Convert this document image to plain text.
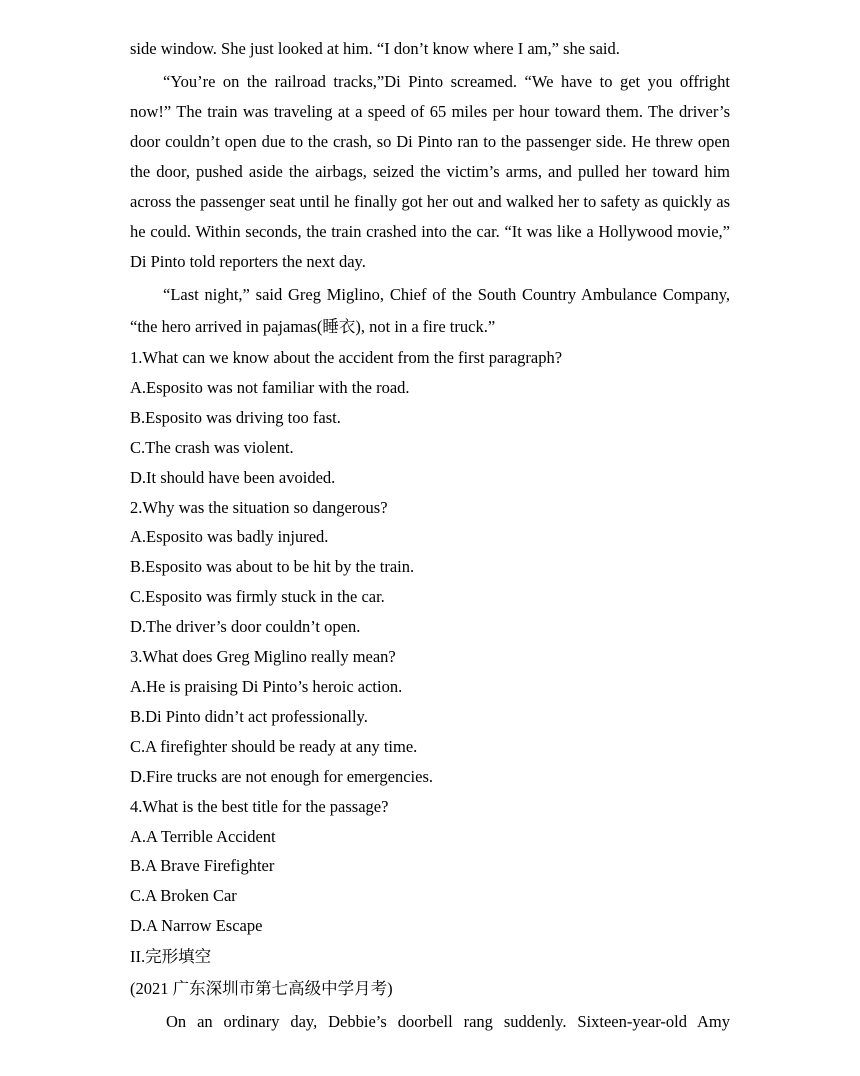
side window. She just looked at him. “I don’t know where I am,” she said.

“You’re on the railroad tracks,”Di Pinto screamed. “We have to get you offright now!” The train was traveling at a speed of 65 miles per hour toward them. The driver’s door couldn’t open due to the crash, so Di Pinto ran to the passenger side. He threw open the door, pushed aside the airbags, seized the victim’s arms, and pulled her toward him across the passenger seat until he finally got her out and walked her to safety as quickly as he could. Within seconds, the train crashed into the car. “It was like a Hollywood movie,” Di Pinto told reporters the next day.

“Last night,” said Greg Miglino, Chief of the South Country Ambulance Company, “the hero arrived in pajamas(睡衣), not in a fire truck.”

1.What can we know about the accident from the first paragraph?
A.Esposito was not familiar with the road.
B.Esposito was driving too fast.
C.The crash was violent.
D.It should have been avoided.
2.Why was the situation so dangerous?
A.Esposito was badly injured.
B.Esposito was about to be hit by the train.
C.Esposito was firmly stuck in the car.
D.The driver’s door couldn’t open.
3.What does Greg Miglino really mean?
A.He is praising Di Pinto’s heroic action.
B.Di Pinto didn’t act professionally.
C.A firefighter should be ready at any time.
D.Fire trucks are not enough for emergencies.
4.What is the best title for the passage?
A.A Terrible Accident
B.A Brave Firefighter
C.A Broken Car
D.A Narrow Escape
II.完形填空
(2021 广东深圳市第七高级中学月考)

On an ordinary day, Debbie’s doorbell rang suddenly. Sixteen-year-old Amy
